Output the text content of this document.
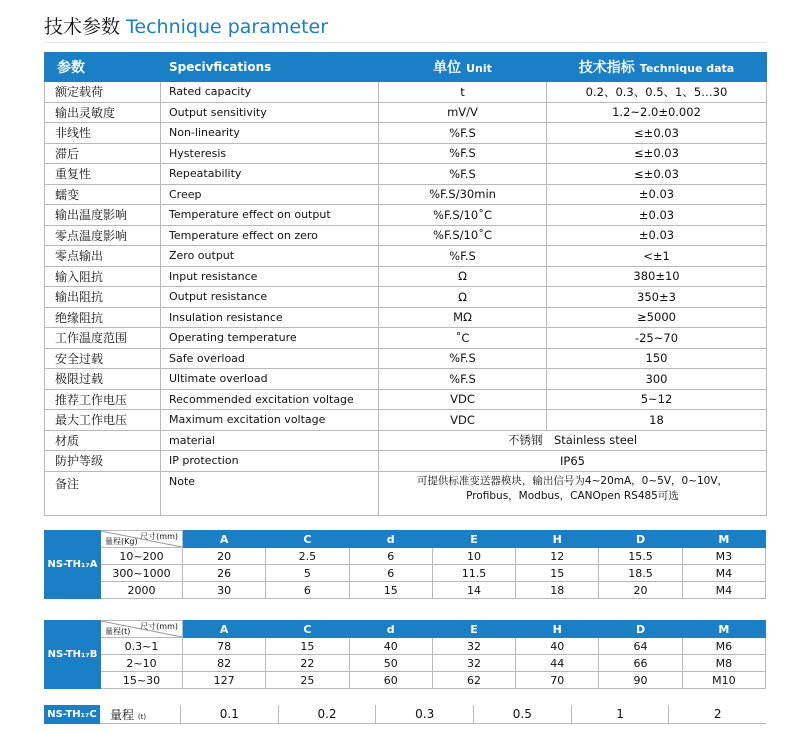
技术参数 Technique parameter
参数	Specivfications	单位 Unit	技术指标 Technique data
额定载荷	Rated capacity	t	0.2、0.3、0.5、1、5…30
输出灵敏度	Output sensitivity	mV/V	1.2~2.0±0.002
非线性	Non-linearity	%F.S	≤±0.03
滞后	Hysteresis	%F.S	≤±0.03
重复性	Repeatability	%F.S	≤±0.03
蠕变	Creep	%F.S/30min	±0.03
输出温度影响	Temperature effect on output	%F.S/10˚C	±0.03
零点温度影响	Temperature effect on zero	%F.S/10˚C	±0.03
零点输出	Zero output	%F.S	<±1
输入阻抗	Input resistance	Ω	380±10
输出阻抗	Output resistance	Ω	350±3
绝缘阻抗	Insulation resistance	MΩ	≥5000
工作温度范围	Operating temperature	˚C	-25~70
安全过载	Safe overload	%F.S	150
极限过载	Ultimate overload	%F.S	300
推荐工作电压	Recommended excitation voltage	VDC	5~12
最大工作电压	Maximum excitation voltage	VDC	18
材质	material	不锈钢　Stainless steel	
防护等级	IP protection	IP65	
备注	Note	可提供标准变送器模块，输出信号为4~20mA，0~5V，0~10V，
Profibus，Modbus，CANOpen RS485可选	
NS-TH₁₇A	尺寸(mm)
量程(Kg)	A	C	d	E	H	D	M
	10~200	20	2.5	6	10	12	15.5	M3
	300~1000	26	5	6	11.5	15	18.5	M4
	2000	30	6	15	14	18	20	M4
NS-TH₁₇B	尺寸(mm)
量程(t)	A	C	d	E	H	D	M
	0.3~1	78	15	40	32	40	64	M6
	2~10	82	22	50	32	44	66	M8
	15~30	127	25	60	62	70	90	M10
NS-TH₁₇C	量程 (t)	0.1	0.2	0.3	0.5	1	2
